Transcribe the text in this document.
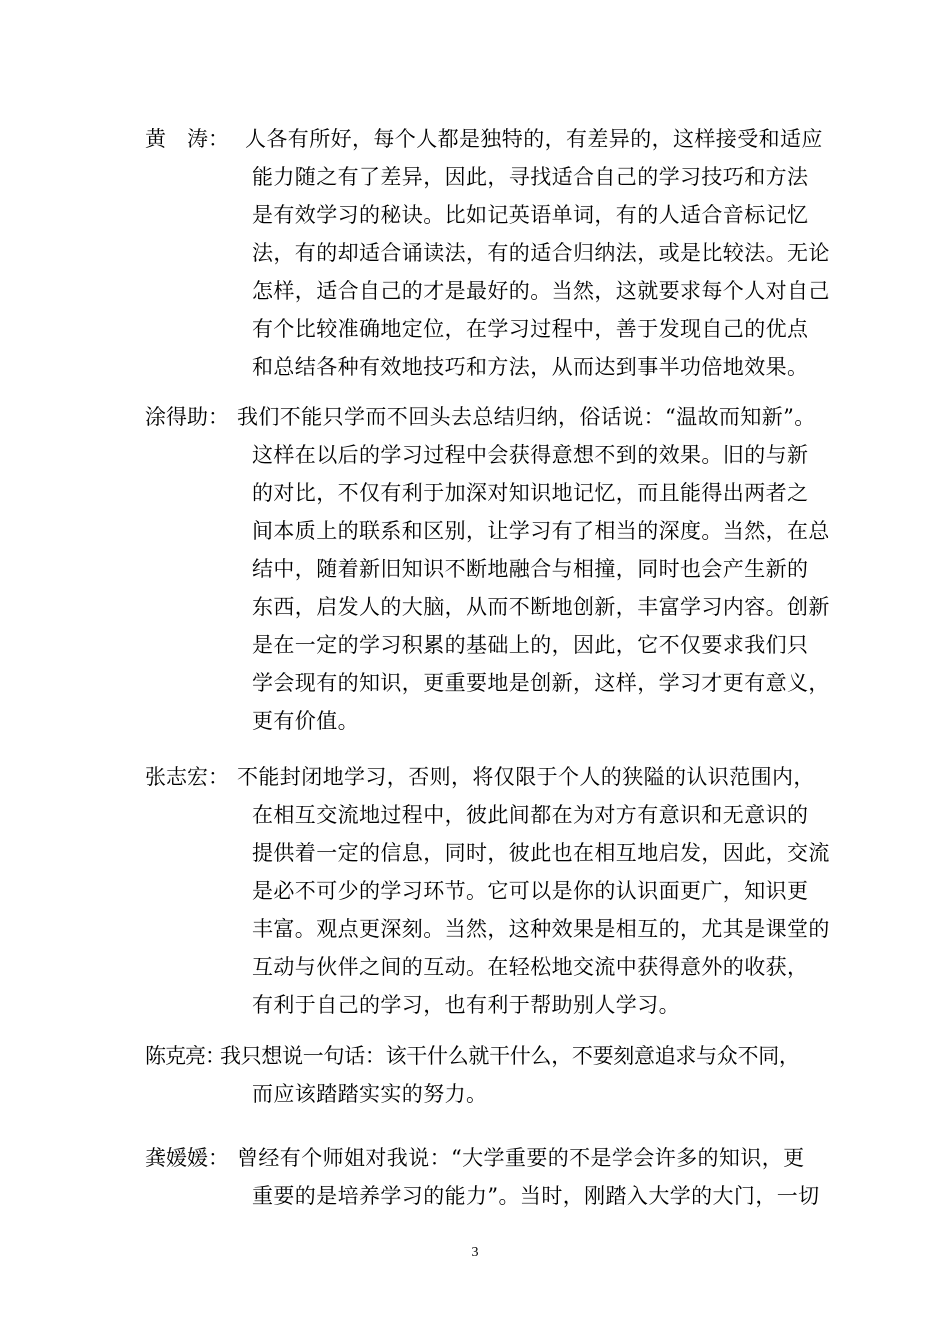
黄　涛： 人各有所好，每个人都是独特的，有差异的，这样接受和适应
能力随之有了差异，因此，寻找适合自己的学习技巧和方法
是有效学习的秘诀。比如记英语单词，有的人适合音标记忆
法，有的却适合诵读法，有的适合归纳法，或是比较法。无论
怎样，适合自己的才是最好的。当然，这就要求每个人对自己
有个比较准确地定位，在学习过程中，善于发现自己的优点
和总结各种有效地技巧和方法，从而达到事半功倍地效果。
涂得助： 我们不能只学而不回头去总结归纳，俗话说：“温故而知新”。
这样在以后的学习过程中会获得意想不到的效果。旧的与新
的对比，不仅有利于加深对知识地记忆，而且能得出两者之
间本质上的联系和区别，让学习有了相当的深度。当然，在总
结中，随着新旧知识不断地融合与相撞，同时也会产生新的
东西，启发人的大脑，从而不断地创新，丰富学习内容。创新
是在一定的学习积累的基础上的，因此，它不仅要求我们只
学会现有的知识，更重要地是创新，这样，学习才更有意义，
更有价值。
张志宏： 不能封闭地学习，否则，将仅限于个人的狭隘的认识范围内，
在相互交流地过程中，彼此间都在为对方有意识和无意识的
提供着一定的信息，同时，彼此也在相互地启发，因此，交流
是必不可少的学习环节。它可以是你的认识面更广，知识更
丰富。观点更深刻。当然，这种效果是相互的，尤其是课堂的
互动与伙伴之间的互动。在轻松地交流中获得意外的收获，
有利于自己的学习，也有利于帮助别人学习。
陈克亮：
我只想说一句话：该干什么就干什么，不要刻意追求与众不同，
而应该踏踏实实的努力。
龚媛媛： 曾经有个师姐对我说：“大学重要的不是学会许多的知识，更
重要的是培养学习的能力”。当时，刚踏入大学的大门，一切
3
